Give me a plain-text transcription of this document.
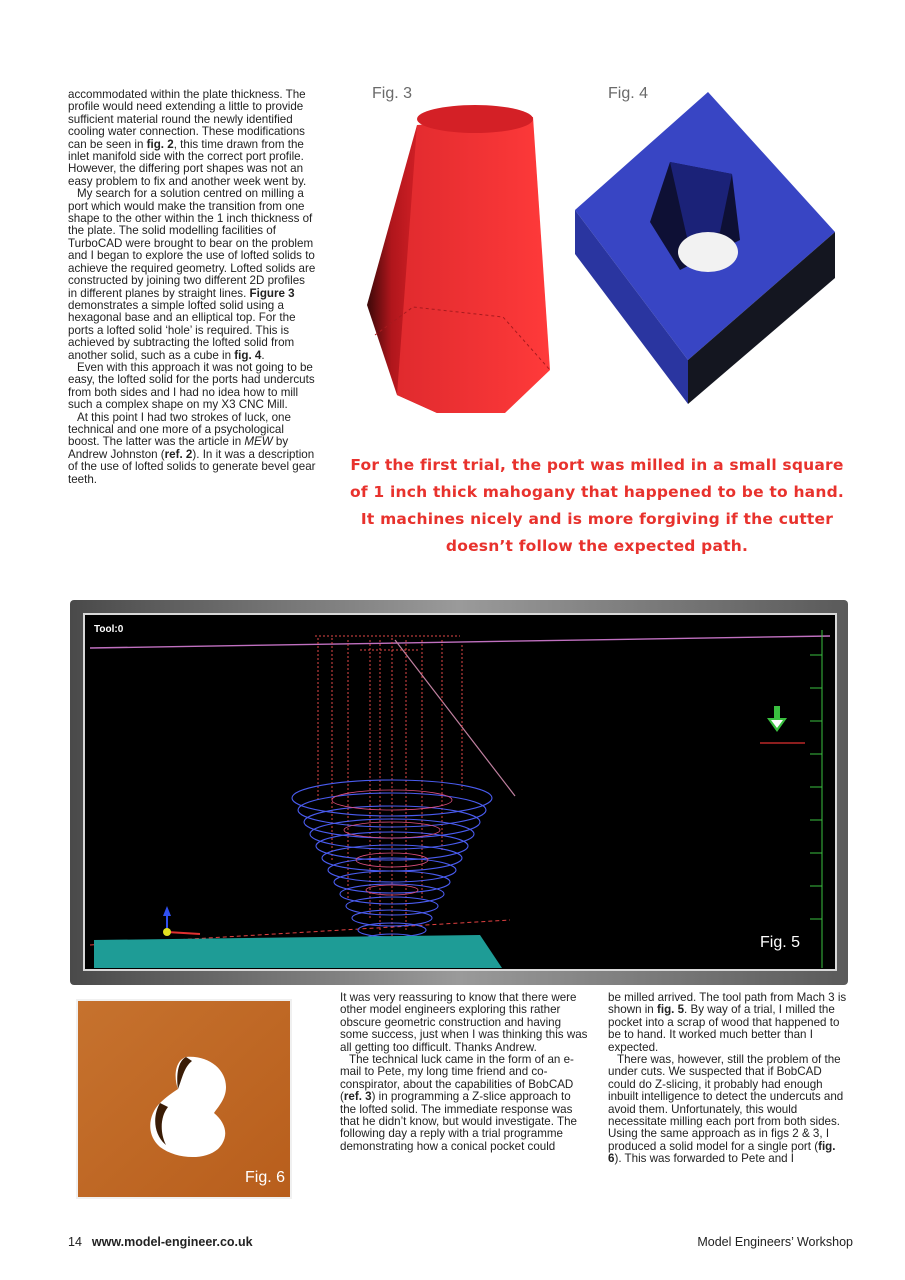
accommodated within the plate thickness. The profile would need extending a little to provide sufficient material round the newly identified cooling water connection. These modifications can be seen in fig. 2, this time drawn from the inlet manifold side with the correct port profile. However, the differing port shapes was not an easy problem to fix and another week went by.

My search for a solution centred on milling a port which would make the transition from one shape to the other within the 1 inch thickness of the plate. The solid modelling facilities of TurboCAD were brought to bear on the problem and I began to explore the use of lofted solids to achieve the required geometry. Lofted solids are constructed by joining two different 2D profiles in different planes by straight lines. Figure 3 demonstrates a simple lofted solid using a hexagonal base and an elliptical top. For the ports a lofted solid ‘hole’ is required. This is achieved by subtracting the lofted solid from another solid, such as a cube in fig. 4.

Even with this approach it was not going to be easy, the lofted solid for the ports had undercuts from both sides and I had no idea how to mill such a complex shape on my X3 CNC Mill.

At this point I had two strokes of luck, one technical and one more of a psychological boost. The latter was the article in MEW by Andrew Johnston (ref. 2). In it was a description of the use of lofted solids to generate bevel gear teeth.

Fig. 3	Fig. 4
For the first trial, the port was milled in a small square of 1 inch thick mahogany that happened to be to hand. It machines nicely and is more forgiving if the cutter doesn’t follow the expected path.
Tool:0
Fig. 5
Fig. 6

It was very reassuring to know that there were other model engineers exploring this rather obscure geometric construction and having some success, just when I was thinking this was all getting too difficult. Thanks Andrew.

The technical luck came in the form of an e-mail to Pete, my long time friend and co-conspirator, about the capabilities of BobCAD (ref. 3) in programming a Z-slice approach to the lofted solid. The immediate response was that he didn’t know, but would investigate. The following day a reply with a trial programme demonstrating how a conical pocket could

be milled arrived. The tool path from Mach 3 is shown in fig. 5. By way of a trial, I milled the pocket into a scrap of wood that happened to be to hand. It worked much better than I expected.

There was, however, still the problem of the under cuts. We suspected that if BobCAD could do Z-slicing, it probably had enough inbuilt intelligence to detect the undercuts and avoid them. Unfortunately, this would necessitate milling each port from both sides. Using the same approach as in figs 2 & 3, I produced a solid model for a single port (fig. 6). This was forwarded to Pete and I

14 www.model-engineer.co.uk	Model Engineers’ Workshop
